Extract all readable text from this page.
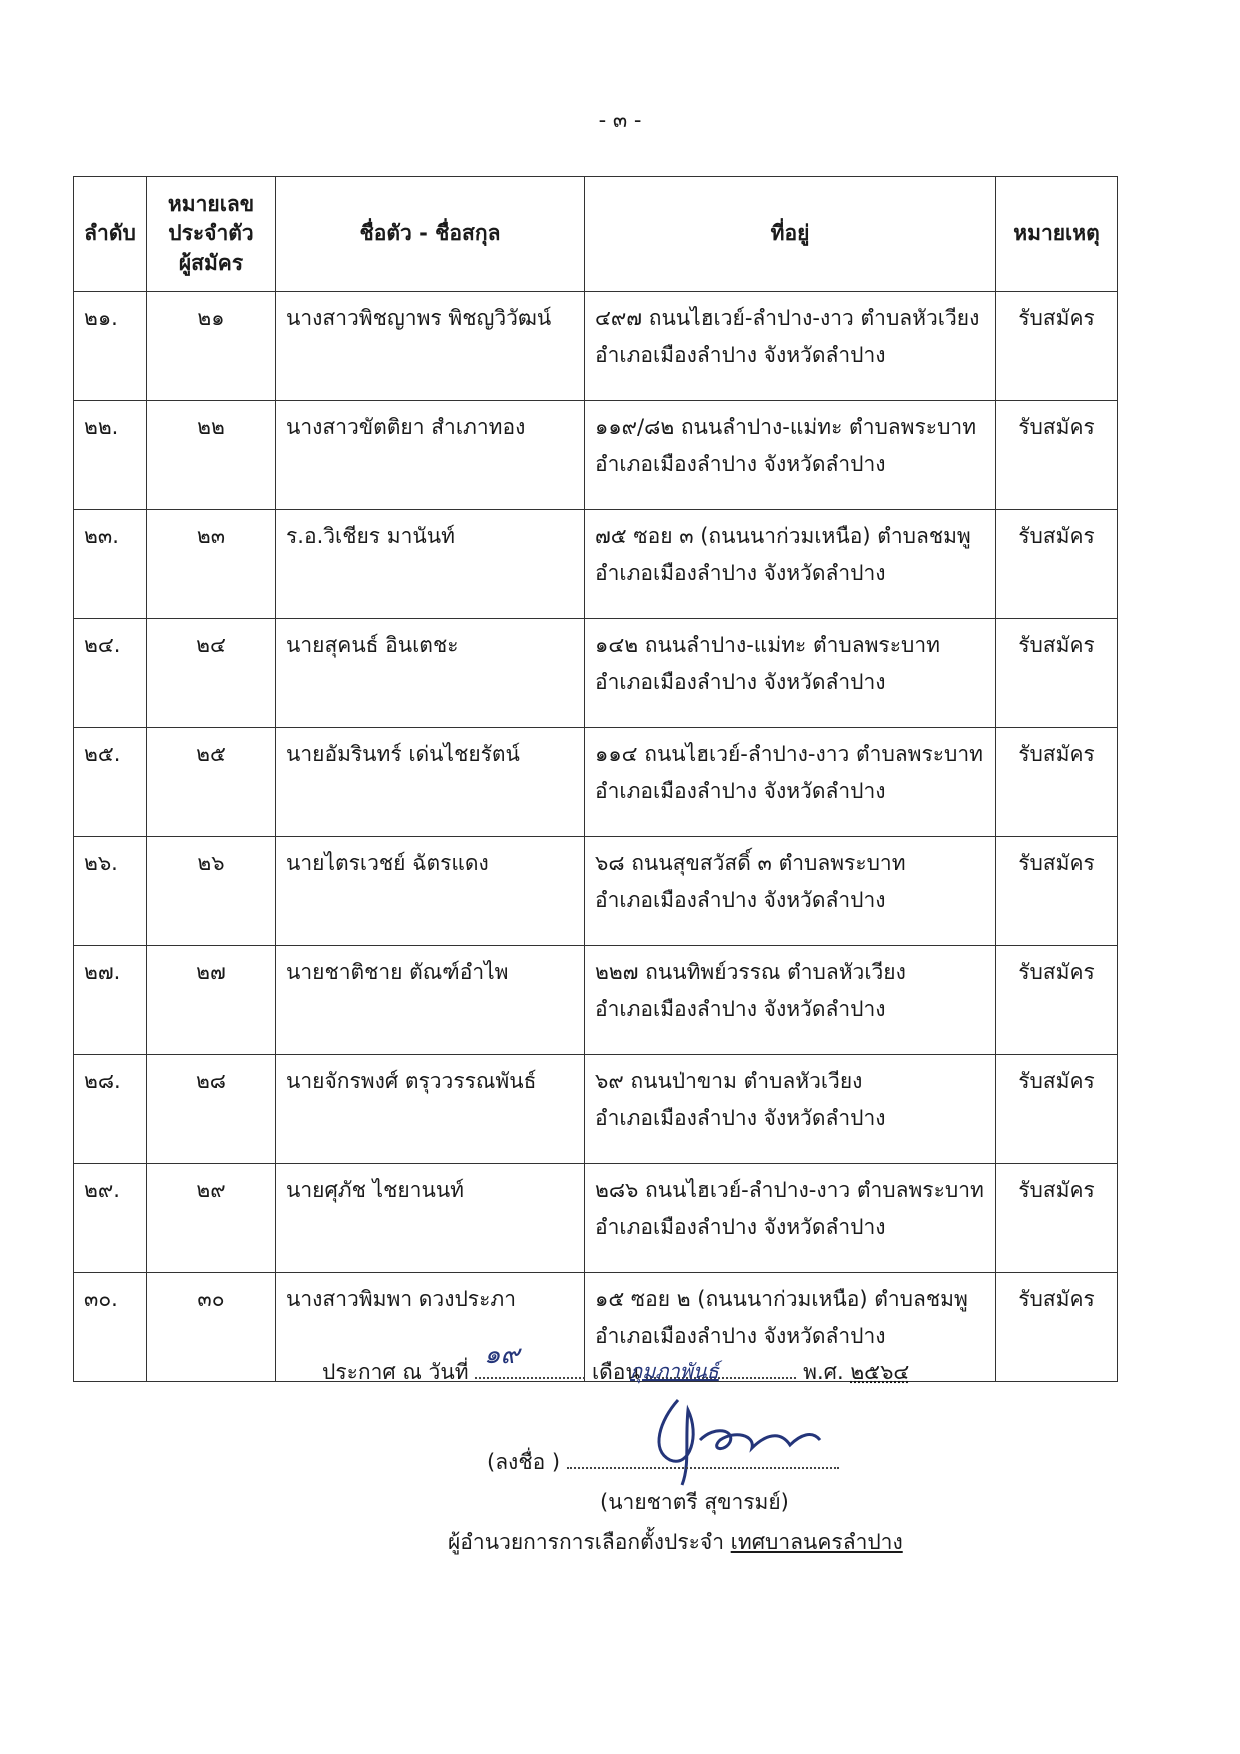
- ๓ -
ลำดับ	หมายเลข
ประจำตัว
ผู้สมัคร	ชื่อตัว - ชื่อสกุล	ที่อยู่	หมายเหตุ
๒๑.	๒๑	นางสาวพิชญาพร พิชญวิวัฒน์	๔๙๗ ถนนไฮเวย์-ลำปาง-งาว ตำบลหัวเวียง
อำเภอเมืองลำปาง จังหวัดลำปาง	รับสมัคร
๒๒.	๒๒	นางสาวขัตติยา สำเภาทอง	๑๑๙/๘๒ ถนนลำปาง-แม่ทะ ตำบลพระบาท
อำเภอเมืองลำปาง จังหวัดลำปาง	รับสมัคร
๒๓.	๒๓	ร.อ.วิเชียร มานันท์	๗๕ ซอย ๓ (ถนนนาก่วมเหนือ) ตำบลชมพู
อำเภอเมืองลำปาง จังหวัดลำปาง	รับสมัคร
๒๔.	๒๔	นายสุคนธ์ อินเตชะ	๑๔๒ ถนนลำปาง-แม่ทะ ตำบลพระบาท
อำเภอเมืองลำปาง จังหวัดลำปาง	รับสมัคร
๒๕.	๒๕	นายอัมรินทร์ เด่นไชยรัตน์	๑๑๔ ถนนไฮเวย์-ลำปาง-งาว ตำบลพระบาท
อำเภอเมืองลำปาง จังหวัดลำปาง	รับสมัคร
๒๖.	๒๖	นายไตรเวชย์ ฉัตรแดง	๖๘ ถนนสุขสวัสดิ์ ๓ ตำบลพระบาท
อำเภอเมืองลำปาง จังหวัดลำปาง	รับสมัคร
๒๗.	๒๗	นายชาติชาย ตัณฑ์อำไพ	๒๒๗ ถนนทิพย์วรรณ ตำบลหัวเวียง
อำเภอเมืองลำปาง จังหวัดลำปาง	รับสมัคร
๒๘.	๒๘	นายจักรพงศ์ ตรุววรรณพันธ์	๖๙ ถนนป่าขาม ตำบลหัวเวียง
อำเภอเมืองลำปาง จังหวัดลำปาง	รับสมัคร
๒๙.	๒๙	นายศุภัช ไชยานนท์	๒๘๖ ถนนไฮเวย์-ลำปาง-งาว ตำบลพระบาท
อำเภอเมืองลำปาง จังหวัดลำปาง	รับสมัคร
๓๐.	๓๐	นางสาวพิมพา ดวงประภา	๑๕ ซอย ๒ (ถนนนาก่วมเหนือ) ตำบลชมพู
อำเภอเมืองลำปาง จังหวัดลำปาง	รับสมัคร
ประกาศ ณ วันที่	เดือน	พ.ศ. ๒๕๖๔
๑๙
กุมภาพันธ์
(ลงชื่อ )
(นายชาตรี สุขารมย์)
ผู้อำนวยการการเลือกตั้งประจำ เทศบาลนครลำปาง
